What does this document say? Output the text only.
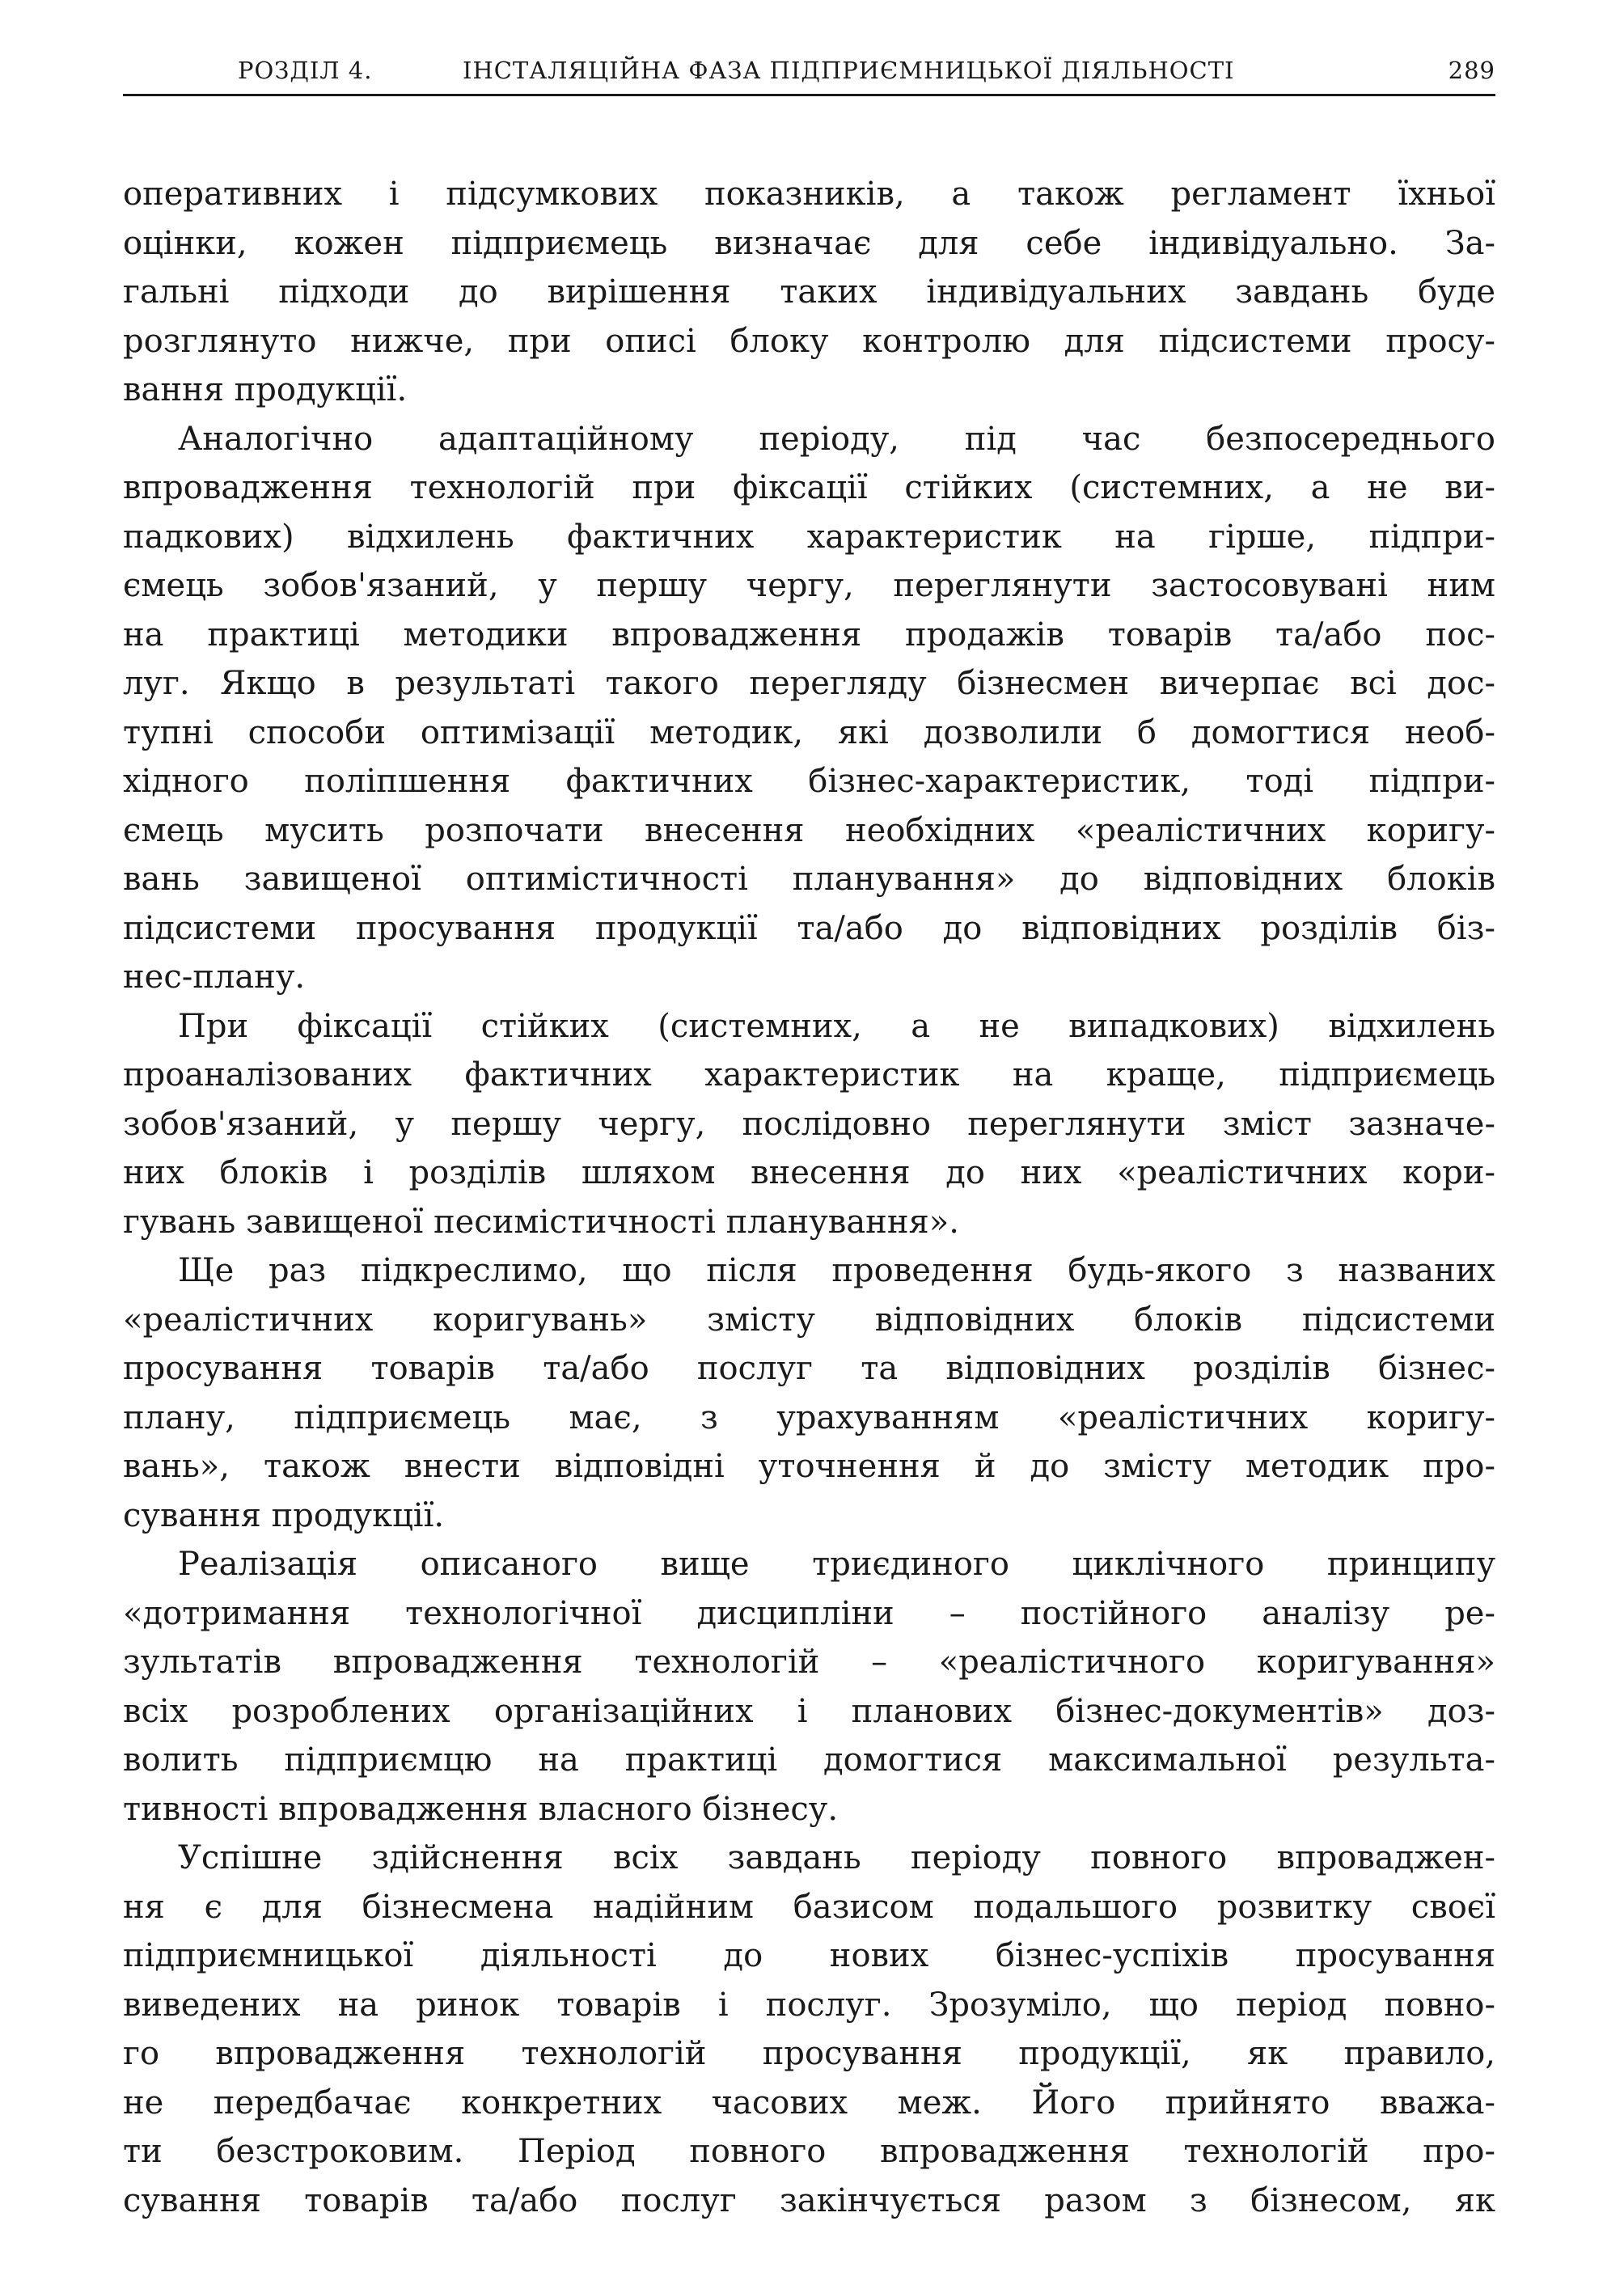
РОЗДІЛ 4.	ІНСТАЛЯЦІЙНА ФАЗА ПІДПРИЄМНИЦЬКОЇ ДІЯЛЬНОСТІ	289
оперативних і підсумкових показників, а також регламент їхньої
оцінки, кожен підприємець визначає для себе індивідуально. За-
гальні підходи до вирішення таких індивідуальних завдань буде
розглянуто нижче, при описі блоку контролю для підсистеми просу-
вання продукції.
Аналогічно адаптаційному періоду, під час безпосереднього
впровадження технологій при фіксації стійких (системних, а не ви-
падкових) відхилень фактичних характеристик на гірше, підпри-
ємець зобов'язаний, у першу чергу, переглянути застосовувані ним
на практиці методики впровадження продажів товарів та/або пос-
луг. Якщо в результаті такого перегляду бізнесмен вичерпає всі дос-
тупні способи оптимізації методик, які дозволили б домогтися необ-
хідного поліпшення фактичних бізнес-характеристик, тоді підпри-
ємець мусить розпочати внесення необхідних «реалістичних коригу-
вань завищеної оптимістичності планування» до відповідних блоків
підсистеми просування продукції та/або до відповідних розділів біз-
нес-плану.
При фіксації стійких (системних, а не випадкових) відхилень
проаналізованих фактичних характеристик на краще, підприємець
зобов'язаний, у першу чергу, послідовно переглянути зміст зазначе-
них блоків і розділів шляхом внесення до них «реалістичних кори-
гувань завищеної песимістичності планування».
Ще раз підкреслимо, що після проведення будь-якого з названих
«реалістичних коригувань» змісту відповідних блоків підсистеми
просування товарів та/або послуг та відповідних розділів бізнес-
плану, підприємець має, з урахуванням «реалістичних коригу-
вань», також внести відповідні уточнення й до змісту методик про-
сування продукції.
Реалізація описаного вище триєдиного циклічного принципу
«дотримання технологічної дисципліни – постійного аналізу ре-
зультатів впровадження технологій – «реалістичного коригування»
всіх розроблених організаційних і планових бізнес-документів» доз-
волить підприємцю на практиці домогтися максимальної результа-
тивності впровадження власного бізнесу.
Успішне здійснення всіх завдань періоду повного впроваджен-
ня є для бізнесмена надійним базисом подальшого розвитку своєї
підприємницької діяльності до нових бізнес-успіхів просування
виведених на ринок товарів і послуг. Зрозуміло, що період повно-
го впровадження технологій просування продукції, як правило,
не передбачає конкретних часових меж. Його прийнято вважа-
ти безстроковим. Період повного впровадження технологій про-
сування товарів та/або послуг закінчується разом з бізнесом, як
